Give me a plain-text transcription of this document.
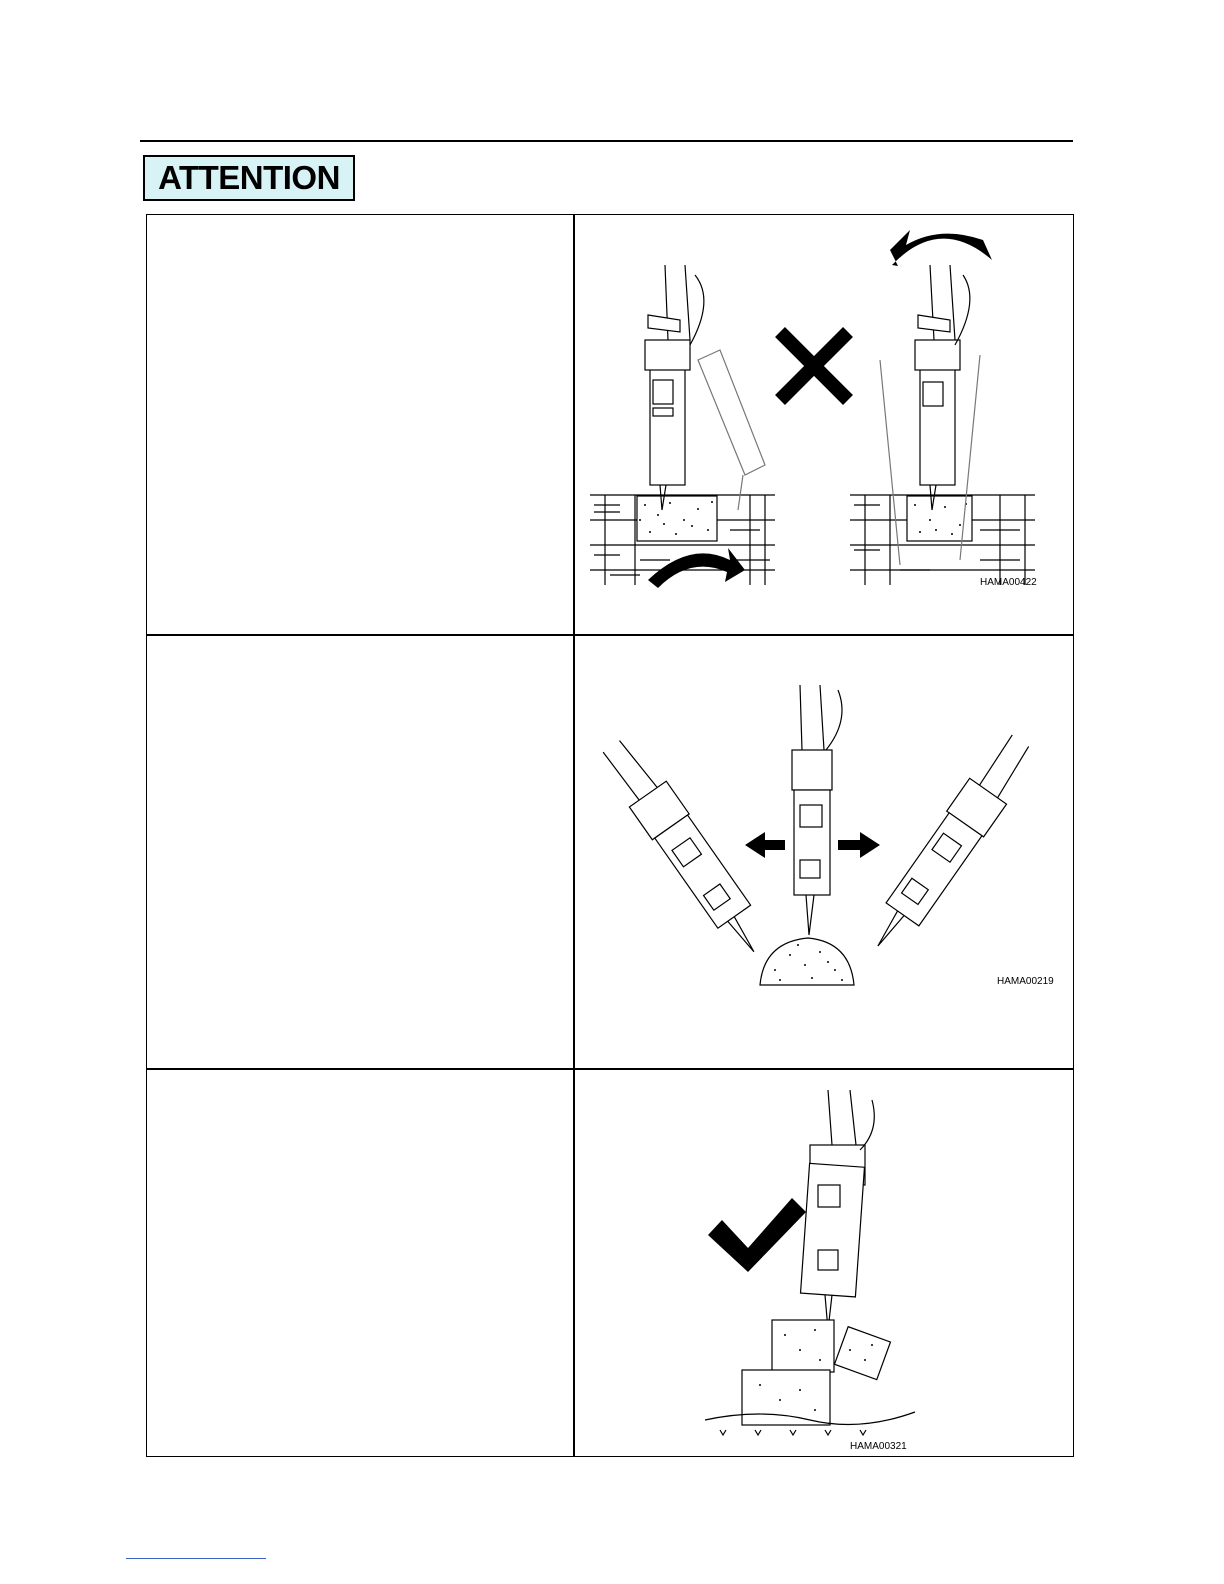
ATTENTION
HAMA00422
HAMA00219
HAMA00321
